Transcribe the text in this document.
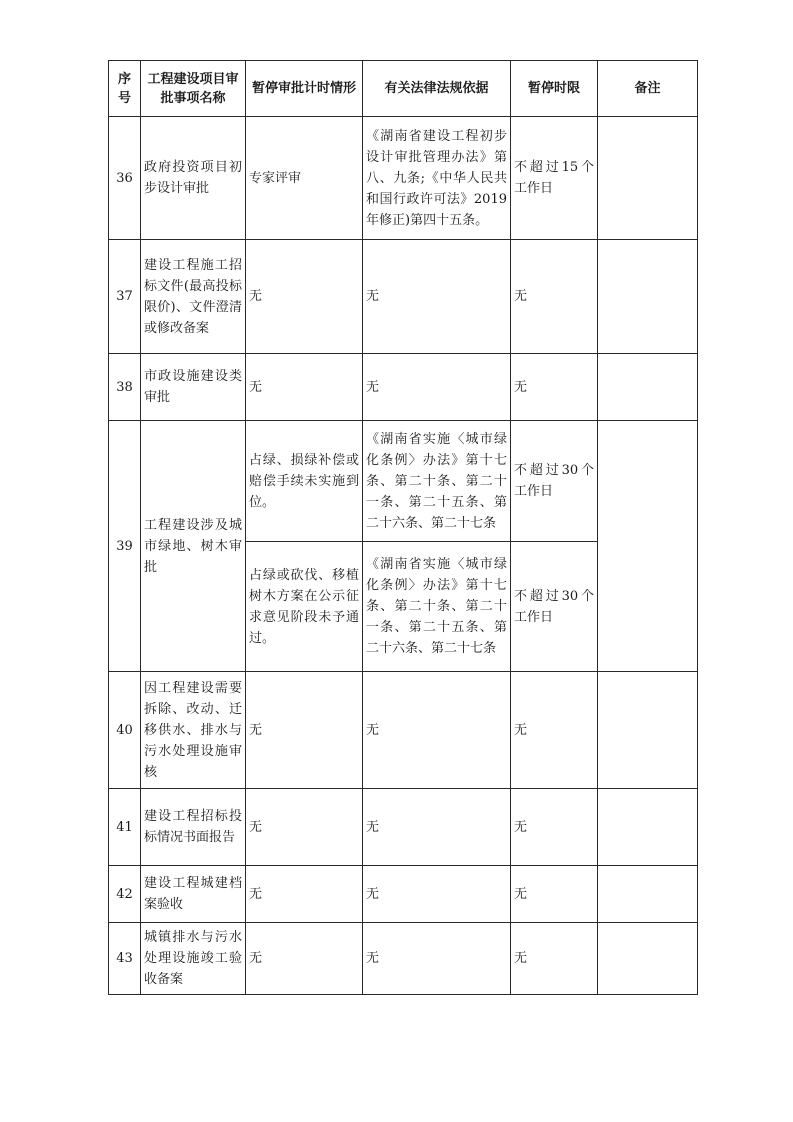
序号	工程建设项目审批事项名称	暂停审批计时情形	有关法律法规依据	暂停时限	备注
36	政府投资项目初步设计审批	专家评审	《湖南省建设工程初步设计审批管理办法》第八、九条;《中华人民共和国行政许可法》2019年修正)第四十五条。	不超过15个工作日	
37	建设工程施工招标文件(最高投标限价)、文件澄清或修改备案	无	无	无	
38	市政设施建设类审批	无	无	无	
39	工程建设涉及城市绿地、树木审批	占绿、损绿补偿或赔偿手续未实施到位。	《湖南省实施〈城市绿化条例〉办法》第十七条、第二十条、第二十一条、第二十五条、第二十六条、第二十七条	不超过30个工作日	
		占绿或砍伐、移植树木方案在公示征求意见阶段未予通过。	《湖南省实施〈城市绿化条例〉办法》第十七条、第二十条、第二十一条、第二十五条、第二十六条、第二十七条	不超过30个工作日	
40	因工程建设需要拆除、改动、迁移供水、排水与污水处理设施审核	无	无	无	
41	建设工程招标投标情况书面报告	无	无	无	
42	建设工程城建档案验收	无	无	无	
43	城镇排水与污水处理设施竣工验收备案	无	无	无	
